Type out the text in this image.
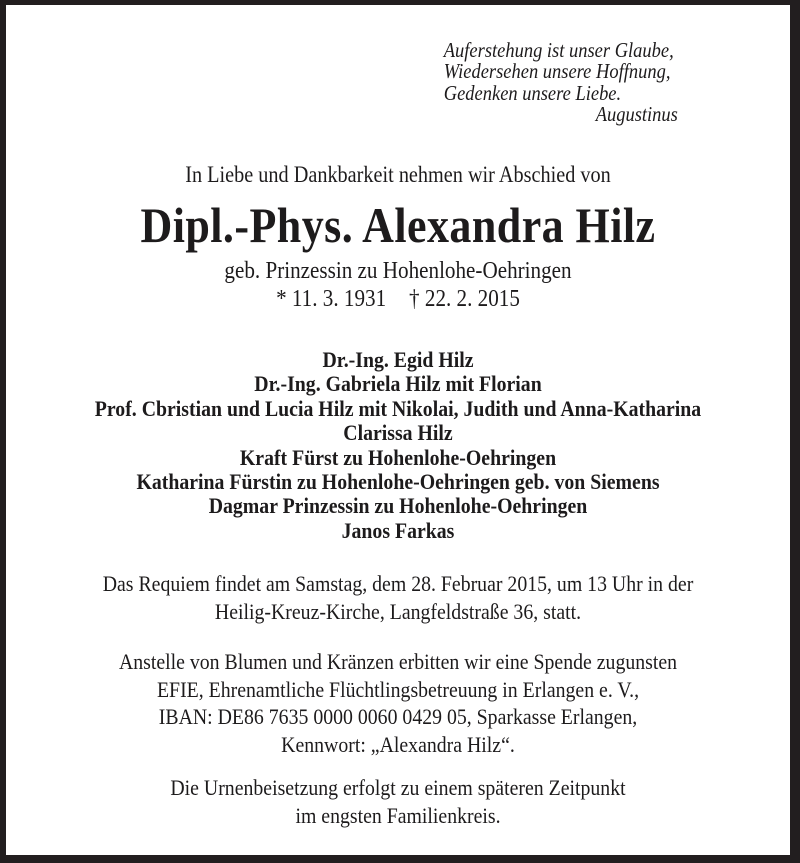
Auferstehung ist unser Glaube,
Wiedersehen unsere Hoffnung,
Gedenken unsere Liebe.
Augustinus
In Liebe und Dankbarkeit nehmen wir Abschied von
Dipl.-Phys. Alexandra Hilz
geb. Prinzessin zu Hohenlohe-Oehringen
* 11. 3. 1931 † 22. 2. 2015
Dr.-Ing. Egid Hilz
Dr.-Ing. Gabriela Hilz mit Florian
Prof. Cbristian und Lucia Hilz mit Nikolai, Judith und Anna-Katharina
Clarissa Hilz
Kraft Fürst zu Hohenlohe-Oehringen
Katharina Fürstin zu Hohenlohe-Oehringen geb. von Siemens
Dagmar Prinzessin zu Hohenlohe-Oehringen
Janos Farkas
Das Requiem findet am Samstag, dem 28. Februar 2015, um 13 Uhr in der
Heilig-Kreuz-Kirche, Langfeldstraße 36, statt.
Anstelle von Blumen und Kränzen erbitten wir eine Spende zugunsten
EFIE, Ehrenamtliche Flüchtlingsbetreuung in Erlangen e. V.,
IBAN: DE86 7635 0000 0060 0429 05, Sparkasse Erlangen,
Kennwort: „Alexandra Hilz“.
Die Urnenbeisetzung erfolgt zu einem späteren Zeitpunkt
im engsten Familienkreis.
